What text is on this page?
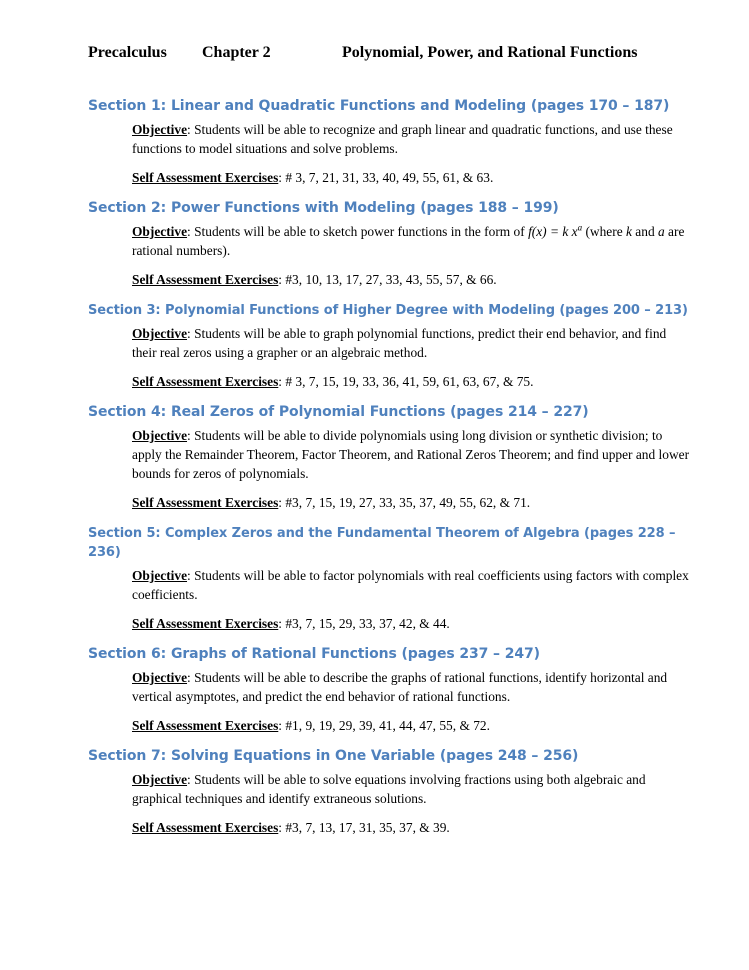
Precalculus Chapter 2	Polynomial, Power, and Rational Functions
Section 1: Linear and Quadratic Functions and Modeling (pages 170 – 187)

Objective: Students will be able to recognize and graph linear and quadratic functions, and use these functions to model situations and solve problems.

Self Assessment Exercises: # 3, 7, 21, 31, 33, 40, 49, 55, 61, & 63.

Section 2: Power Functions with Modeling (pages 188 – 199)

Objective: Students will be able to sketch power functions in the form of f(x) = k $x^a$ (where k and a are rational numbers).

Self Assessment Exercises: #3, 10, 13, 17, 27, 33, 43, 55, 57, & 66.

Section 3: Polynomial Functions of Higher Degree with Modeling (pages 200 – 213)

Objective: Students will be able to graph polynomial functions, predict their end behavior, and find their real zeros using a grapher or an algebraic method.

Self Assessment Exercises: # 3, 7, 15, 19, 33, 36, 41, 59, 61, 63, 67, & 75.

Section 4: Real Zeros of Polynomial Functions (pages 214 – 227)

Objective: Students will be able to divide polynomials using long division or synthetic division; to apply the Remainder Theorem, Factor Theorem, and Rational Zeros Theorem; and find upper and lower bounds for zeros of polynomials.

Self Assessment Exercises: #3, 7, 15, 19, 27, 33, 35, 37, 49, 55, 62, & 71.

Section 5: Complex Zeros and the Fundamental Theorem of Algebra (pages 228 – 236)

Objective: Students will be able to factor polynomials with real coefficients using factors with complex coefficients.

Self Assessment Exercises: #3, 7, 15, 29, 33, 37, 42, & 44.

Section 6: Graphs of Rational Functions (pages 237 – 247)

Objective: Students will be able to describe the graphs of rational functions, identify horizontal and vertical asymptotes, and predict the end behavior of rational functions.

Self Assessment Exercises: #1, 9, 19, 29, 39, 41, 44, 47, 55, & 72.

Section 7: Solving Equations in One Variable (pages 248 – 256)

Objective: Students will be able to solve equations involving fractions using both algebraic and graphical techniques and identify extraneous solutions.

Self Assessment Exercises: #3, 7, 13, 17, 31, 35, 37, & 39.
